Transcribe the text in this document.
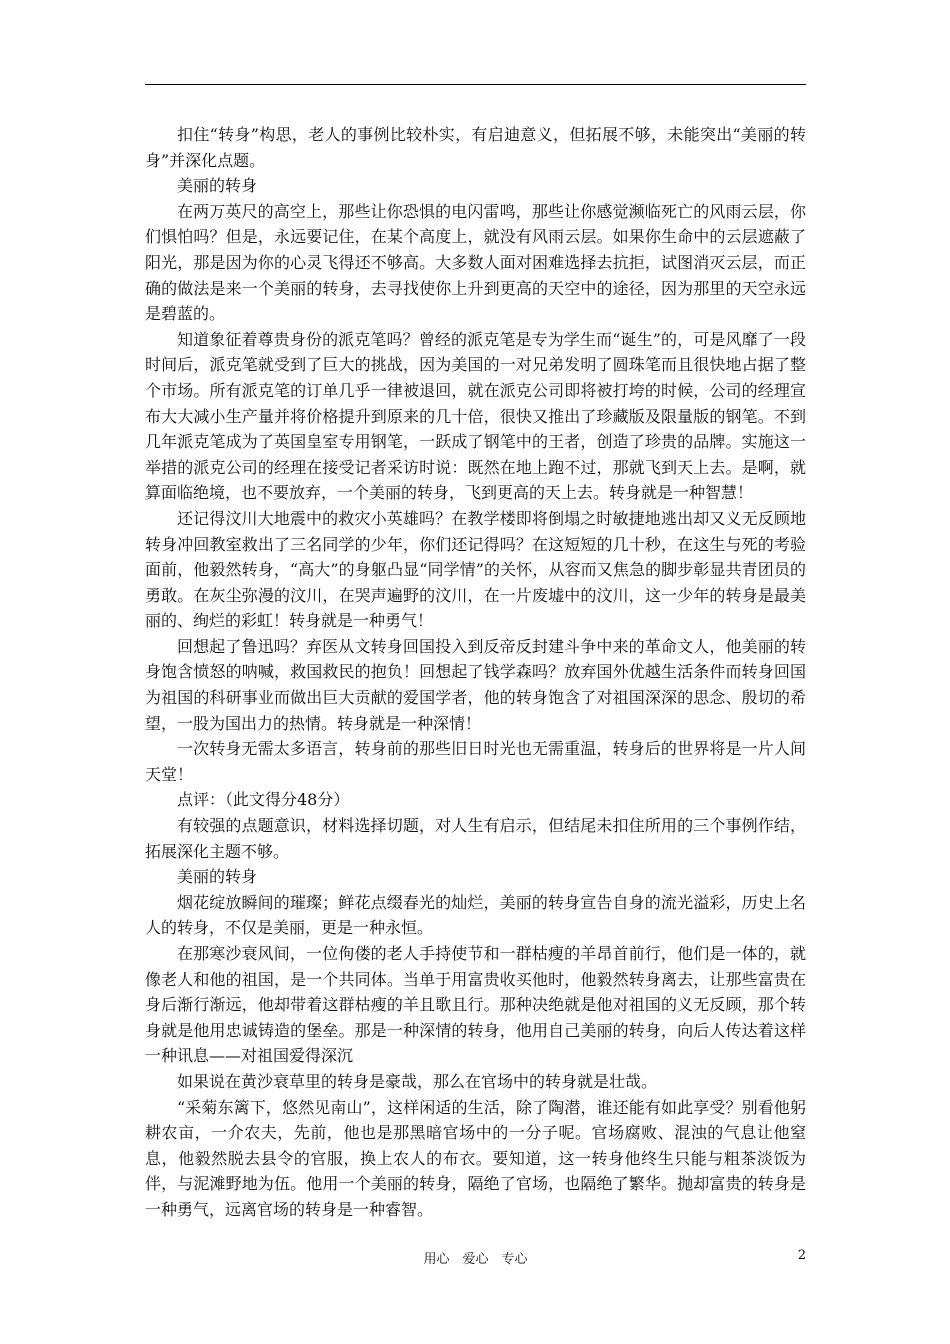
扣住“转身”构思，老人的事例比较朴实，有启迪意义，但拓展不够，未能突出“美丽的转身”并深化点题。

美丽的转身

在两万英尺的高空上，那些让你恐惧的电闪雷鸣，那些让你感觉濒临死亡的风雨云层，你们惧怕吗？但是，永远要记住，在某个高度上，就没有风雨云层。如果你生命中的云层遮蔽了阳光，那是因为你的心灵飞得还不够高。大多数人面对困难选择去抗拒，试图消灭云层，而正确的做法是来一个美丽的转身，去寻找使你上升到更高的天空中的途径，因为那里的天空永远是碧蓝的。

知道象征着尊贵身份的派克笔吗？曾经的派克笔是专为学生而“诞生”的，可是风靡了一段时间后，派克笔就受到了巨大的挑战，因为美国的一对兄弟发明了圆珠笔而且很快地占据了整个市场。所有派克笔的订单几乎一律被退回，就在派克公司即将被打垮的时候，公司的经理宣布大大减小生产量并将价格提升到原来的几十倍，很快又推出了珍藏版及限量版的钢笔。不到几年派克笔成为了英国皇室专用钢笔，一跃成了钢笔中的王者，创造了珍贵的品牌。实施这一举措的派克公司的经理在接受记者采访时说：既然在地上跑不过，那就飞到天上去。是啊，就算面临绝境，也不要放弃，一个美丽的转身，飞到更高的天上去。转身就是一种智慧！

还记得汶川大地震中的救灾小英雄吗？在教学楼即将倒塌之时敏捷地逃出却又义无反顾地转身冲回教室救出了三名同学的少年，你们还记得吗？在这短短的几十秒，在这生与死的考验面前，他毅然转身，“高大”的身躯凸显“同学情”的关怀，从容而又焦急的脚步彰显共青团员的勇敢。在灰尘弥漫的汶川，在哭声遍野的汶川，在一片废墟中的汶川，这一少年的转身是最美丽的、绚烂的彩虹！转身就是一种勇气！

回想起了鲁迅吗？弃医从文转身回国投入到反帝反封建斗争中来的革命文人，他美丽的转身饱含愤怒的呐喊，救国救民的抱负！回想起了钱学森吗？放弃国外优越生活条件而转身回国为祖国的科研事业而做出巨大贡献的爱国学者，他的转身饱含了对祖国深深的思念、殷切的希望，一股为国出力的热情。转身就是一种深情！

一次转身无需太多语言，转身前的那些旧日时光也无需重温，转身后的世界将是一片人间天堂！

点评：（此文得分48分）

有较强的点题意识，材料选择切题，对人生有启示，但结尾未扣住所用的三个事例作结，拓展深化主题不够。

美丽的转身

烟花绽放瞬间的璀璨；鲜花点缀春光的灿烂，美丽的转身宣告自身的流光溢彩，历史上名人的转身，不仅是美丽，更是一种永恒。

在那寒沙衰风间，一位佝偻的老人手持使节和一群枯瘦的羊昂首前行，他们是一体的，就像老人和他的祖国，是一个共同体。当单于用富贵收买他时，他毅然转身离去，让那些富贵在身后渐行渐远，他却带着这群枯瘦的羊且歌且行。那种决绝就是他对祖国的义无反顾，那个转身就是他用忠诚铸造的堡垒。那是一种深情的转身，他用自己美丽的转身，向后人传达着这样一种讯息——对祖国爱得深沉

如果说在黄沙衰草里的转身是豪哉，那么在官场中的转身就是壮哉。

“采菊东篱下，悠然见南山”，这样闲适的生活，除了陶潜，谁还能有如此享受？别看他躬耕农亩，一介农夫，先前，他也是那黑暗官场中的一分子呢。官场腐败、混浊的气息让他窒息，他毅然脱去县令的官服，换上农人的布衣。要知道，这一转身他终生只能与粗茶淡饭为伴，与泥滩野地为伍。他用一个美丽的转身，隔绝了官场，也隔绝了繁华。抛却富贵的转身是一种勇气，远离官场的转身是一种睿智。

用心　爱心　专心	2
